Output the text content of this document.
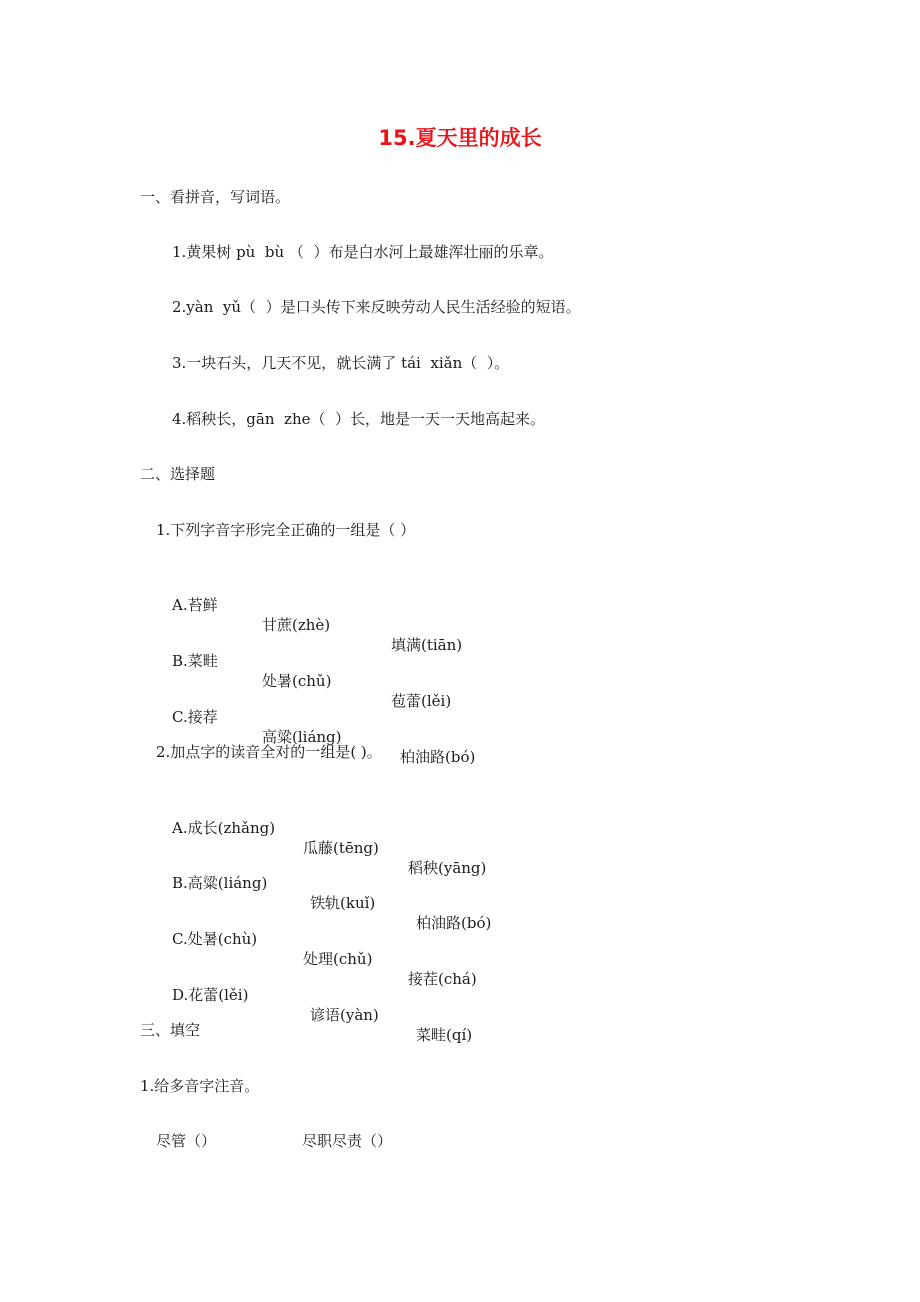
15.夏天里的成长
一、看拼音，写词语。
1.黄果树 pù  bù （  ）布是白水河上最雄浑壮丽的乐章。
2.yàn  yǔ（  ）是口头传下来反映劳动人民生活经验的短语。
3.一块石头，几天不见，就长满了 tái  xiǎn（  ）。
4.稻秧长，gān  zhe（  ）长，地是一天一天地高起来。
二、选择题
1.下列字音字形完全正确的一组是（ ）

A.苔鲜

甘蔗(zhè)

填满(tiān)

B.菜畦

处暑(chǔ)

苞蕾(lěi)

C.接荐

高粱(liáng)

柏油路(bó)

2.加点字的读音全对的一组是( )。

A.成长(zhǎng)

瓜藤(tēng)

稻秧(yāng)

B.高粱(liáng)

铁轨(kuǐ)

柏油路(bó)

C.处暑(chù)

处理(chǔ)

接茬(chá)

D.花蕾(lěi)

谚语(yàn)

菜畦(qí)

三、填空
1.给多音字注音。
尽管（）	尽职尽责（）
